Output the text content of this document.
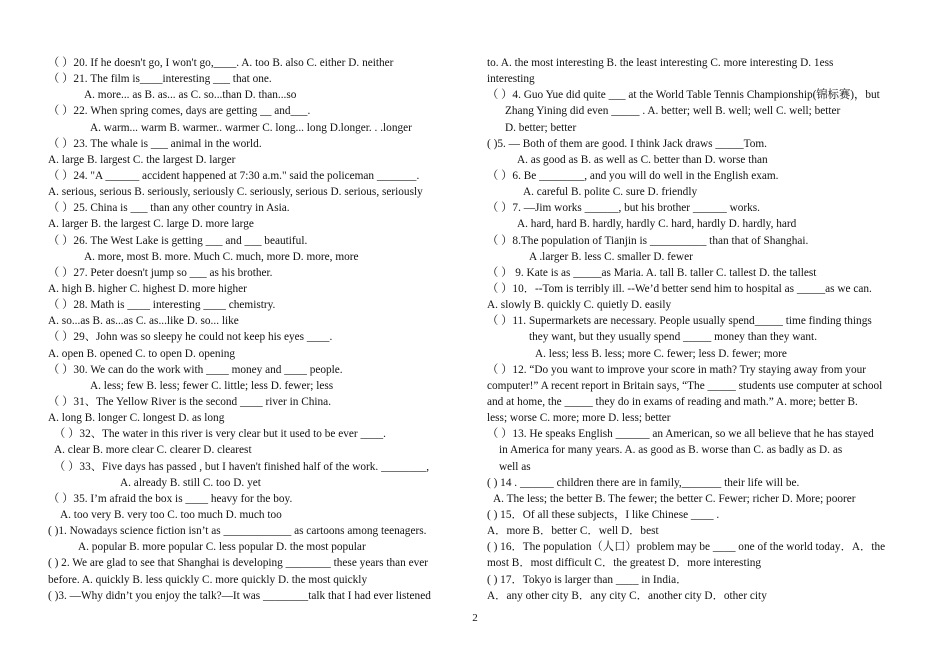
（ ）20. If he doesn't go, I won't go,____. A. too B. also C. either D. neither
（ ）21. The film is____interesting ___ that one.
A. more... as B. as... as C. so...than D. than...so
（ ）22. When spring comes, days are getting __ and___.
A. warm... warm B. warmer.. warmer C. long... long D.longer. . .longer
（ ）23. The whale is ___ animal in the world.
A. large B. largest C. the largest D. larger
（ ）24. "A ______ accident happened at 7:30 a.m." said the policeman _______.
A. serious, serious B. seriously, seriously C. seriously, serious D. serious, seriously
（ ）25. China is ___ than any other country in Asia.
A. larger B. the largest C. large D. more large
（ ）26. The West Lake is getting ___ and ___ beautiful.
A. more, most B. more. Much C. much, more D. more, more
（ ）27. Peter doesn't jump so ___ as his brother.
A. high B. higher C. highest D. more higher
（ ）28. Math is ____ interesting ____ chemistry.
A. so...as B. as...as C. as...like D. so... like
（ ）29、John was so sleepy he could not keep his eyes ____.
A. open B. opened C. to open D. opening
（ ）30. We can do the work with ____ money and ____ people.
A. less; few B. less; fewer C. little; less D. fewer; less
（ ）31、The Yellow River is the second ____ river in China.
A. long B. longer C. longest D. as long
（ ）32、The water in this river is very clear but it used to be ever ____.
A. clear B. more clear C. clearer D. clearest
（ ）33、Five days has passed , but I haven't finished half of the work. ________,
A. already B. still C. too D. yet
（ ）35. I’m afraid the box is ____ heavy for the boy.
A. too very B. very too C. too much D. much too
( )1. Nowadays science fiction isn’t as ____________ as cartoons among teenagers.
A. popular B. more popular C. less popular D. the most popular
( ) 2. We are glad to see that Shanghai is developing ________ these years than ever
before. A. quickly B. less quickly C. more quickly D. the most quickly
( )3. —Why didn’t you enjoy the talk?—It was ________talk that I had ever listened
to. A. the most interesting B. the least interesting C. more interesting D. 1ess
interesting
（ ）4. Guo Yue did quite ___ at the World Table Tennis Championship(锦标赛)，but
Zhang Yining did even _____ . A. better; well B. well; well C. well; better
D. better; better
( )5. — Both of them are good. I think Jack draws _____Tom.
A. as good as B. as well as C. better than D. worse than
（ ）6. Be ________, and you will do well in the English exam.
A. careful B. polite C. sure D. friendly
（ ）7. —Jim works ______, but his brother ______ works.
A. hard, hard B. hardly, hardly C. hard, hardly D. hardly, hard
（ ）8.The population of Tianjin is __________ than that of Shanghai.
A .larger B. less C. smaller D. fewer
（ ） 9. Kate is as _____as Maria. A. tall B. taller C. tallest D. the tallest
（ ）10．--Tom is terribly ill. --We’d better send him to hospital as _____as we can.
A. slowly B. quickly C. quietly D. easily
（ ）11. Supermarkets are necessary. People usually spend_____ time finding things
they want, but they usually spend _____ money than they want.
A. less; less B. less; more C. fewer; less D. fewer; more
（ ）12. “Do you want to improve your score in math? Try staying away from your
computer!” A recent report in Britain says, “The _____ students use computer at school
and at home, the _____ they do in exams of reading and math.” A. more; better B.
less; worse C. more; more D. less; better
（ ）13. He speaks English ______ an American, so we all believe that he has stayed
in America for many years. A. as good as B. worse than C. as badly as D. as
well as
( ) 14 . ______ children there are in family,_______ their life will be.
A. The less; the better B. The fewer; the better C. Fewer; richer D. More; poorer
( ) 15．Of all these subjects，I like Chinese ____ .
A．more B．better C．well D．best
( ) 16．The population（人口）problem may be ____ one of the world today．A．the
most B．most difficult C．the greatest D．more interesting
( ) 17．Tokyo is larger than ____ in India．
A．any other city B．any city C．another city D．other city
2
